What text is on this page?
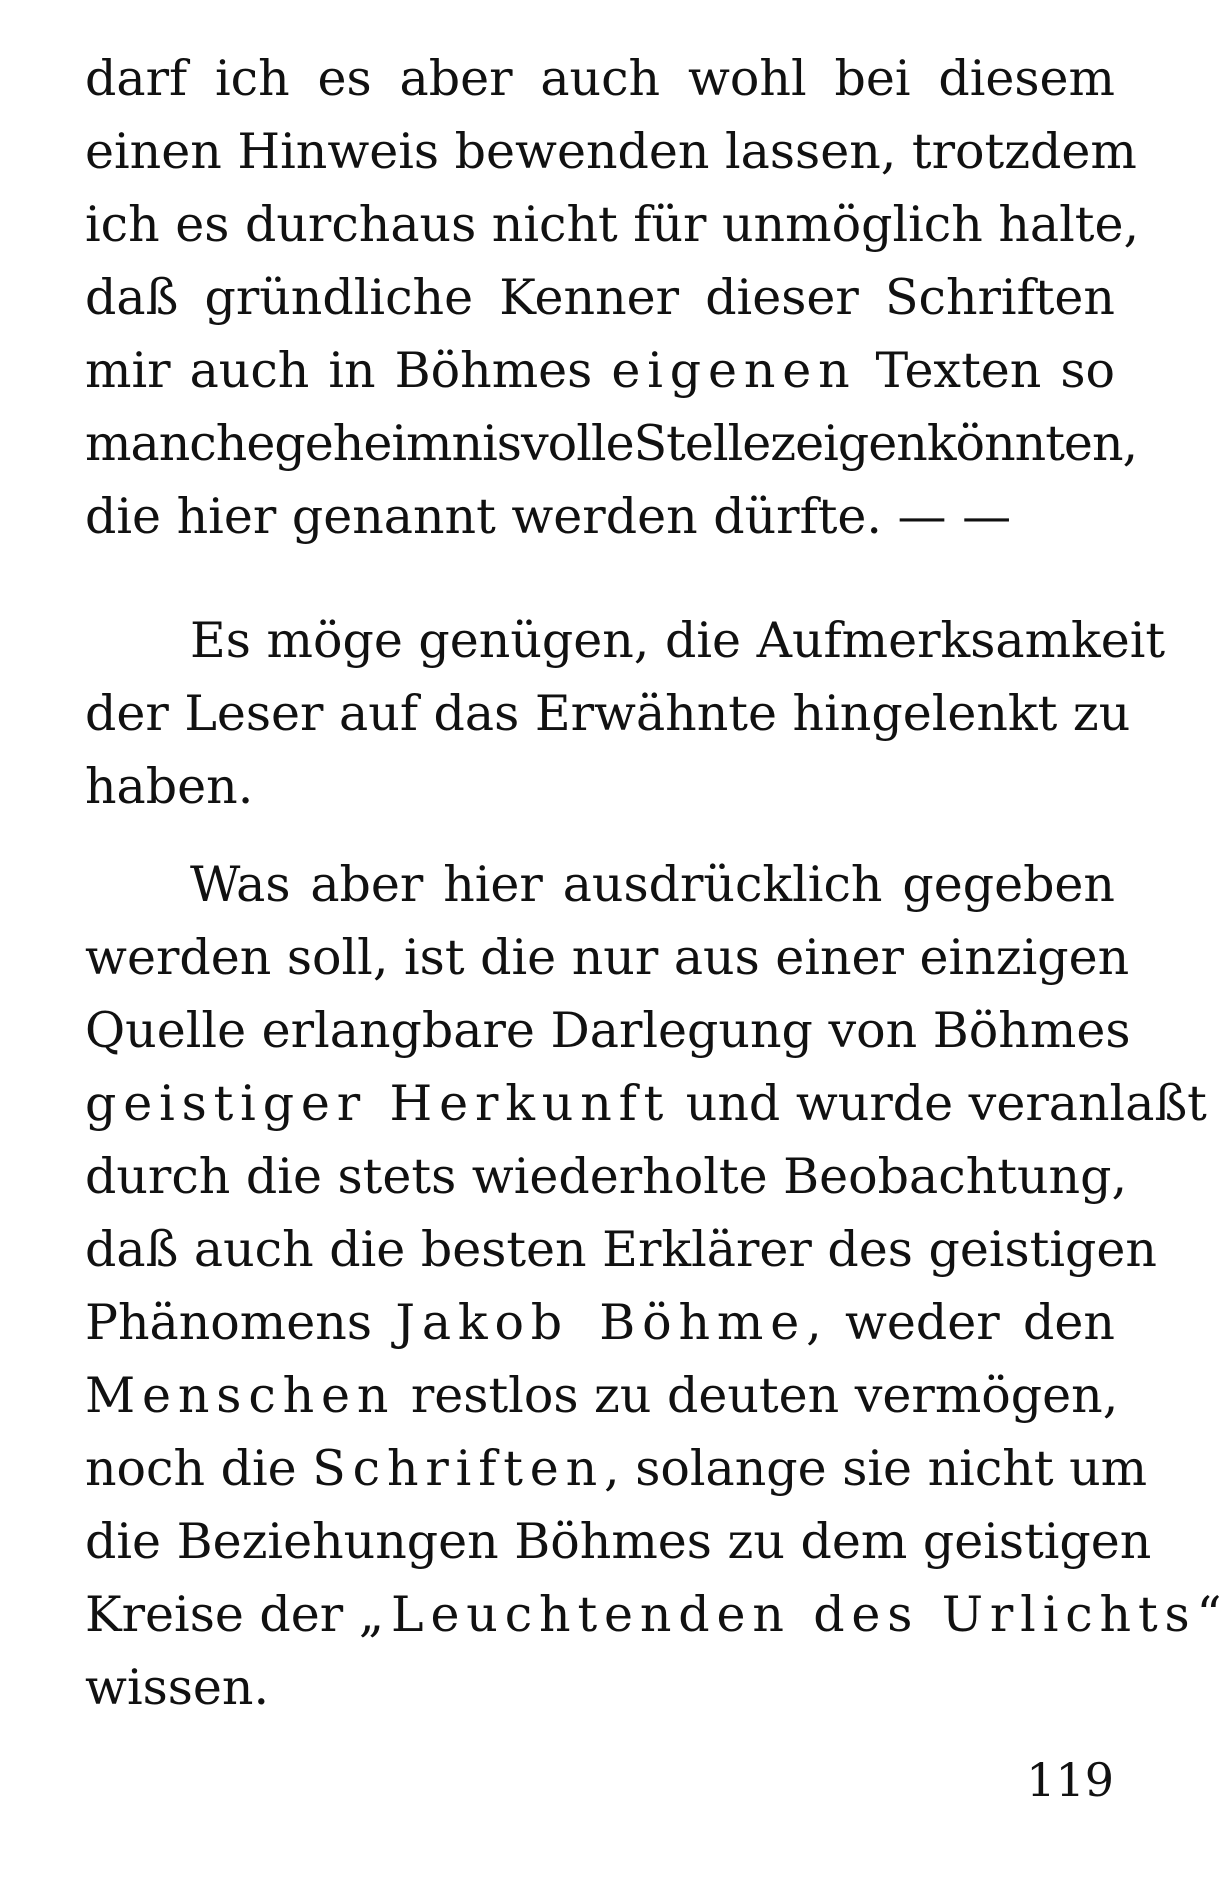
darf ich es aber auch wohl bei diesem
einen Hinweis bewenden lassen, trotzdem
ich es durchaus nicht für unmöglich halte,
daß gründliche Kenner dieser Schriften
mir auch in Böhmes eigenen Texten so
manchegeheimnisvolleStellezeigenkönnten,
die hier genannt werden dürfte. — —
Es möge genügen, die Aufmerksamkeit
der Leser auf das Erwähnte hingelenkt zu
haben.
Was aber hier ausdrücklich gegeben
werden soll, ist die nur aus einer einzigen
Quelle erlangbare Darlegung von Böhmes
geistiger Herkunft und wurde veranlaßt
durch die stets wiederholte Beobachtung,
daß auch die besten Erklärer des geistigen
Phänomens Jakob Böhme, weder den
Menschen restlos zu deuten vermögen,
noch die Schriften, solange sie nicht um
die Beziehungen Böhmes zu dem geistigen
Kreise der „Leuchtenden des Urlichts“
wissen.
119
